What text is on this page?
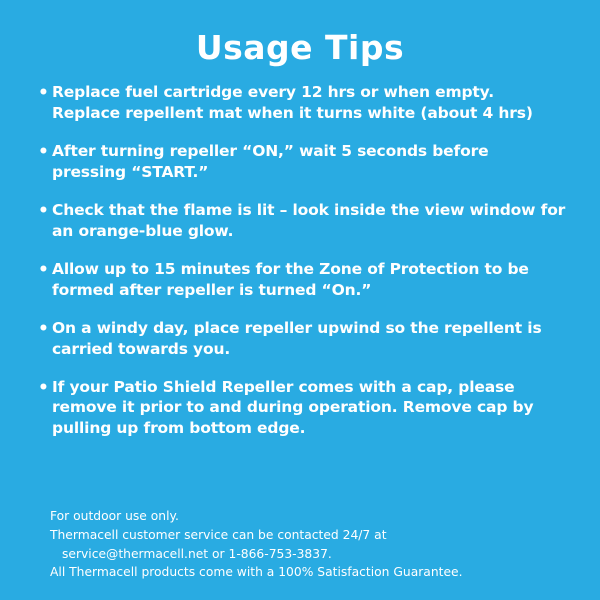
Usage Tips
• Replace fuel cartridge every 12 hrs or when empty. Replace repellent mat when it turns white (about 4 hrs)
• After turning repeller “ON,” wait 5 seconds before pressing “START.”
• Check that the flame is lit – look inside the view window for an orange-blue glow.
• Allow up to 15 minutes for the Zone of Protection to be formed after repeller is turned “On.”
• On a windy day, place repeller upwind so the repellent is carried towards you.
• If your Patio Shield Repeller comes with a cap, please remove it prior to and during operation. Remove cap by pulling up from bottom edge.
For outdoor use only.
Thermacell customer service can be contacted 24/7 at
service@thermacell.net or 1-866-753-3837.
All Thermacell products come with a 100% Satisfaction Guarantee.
